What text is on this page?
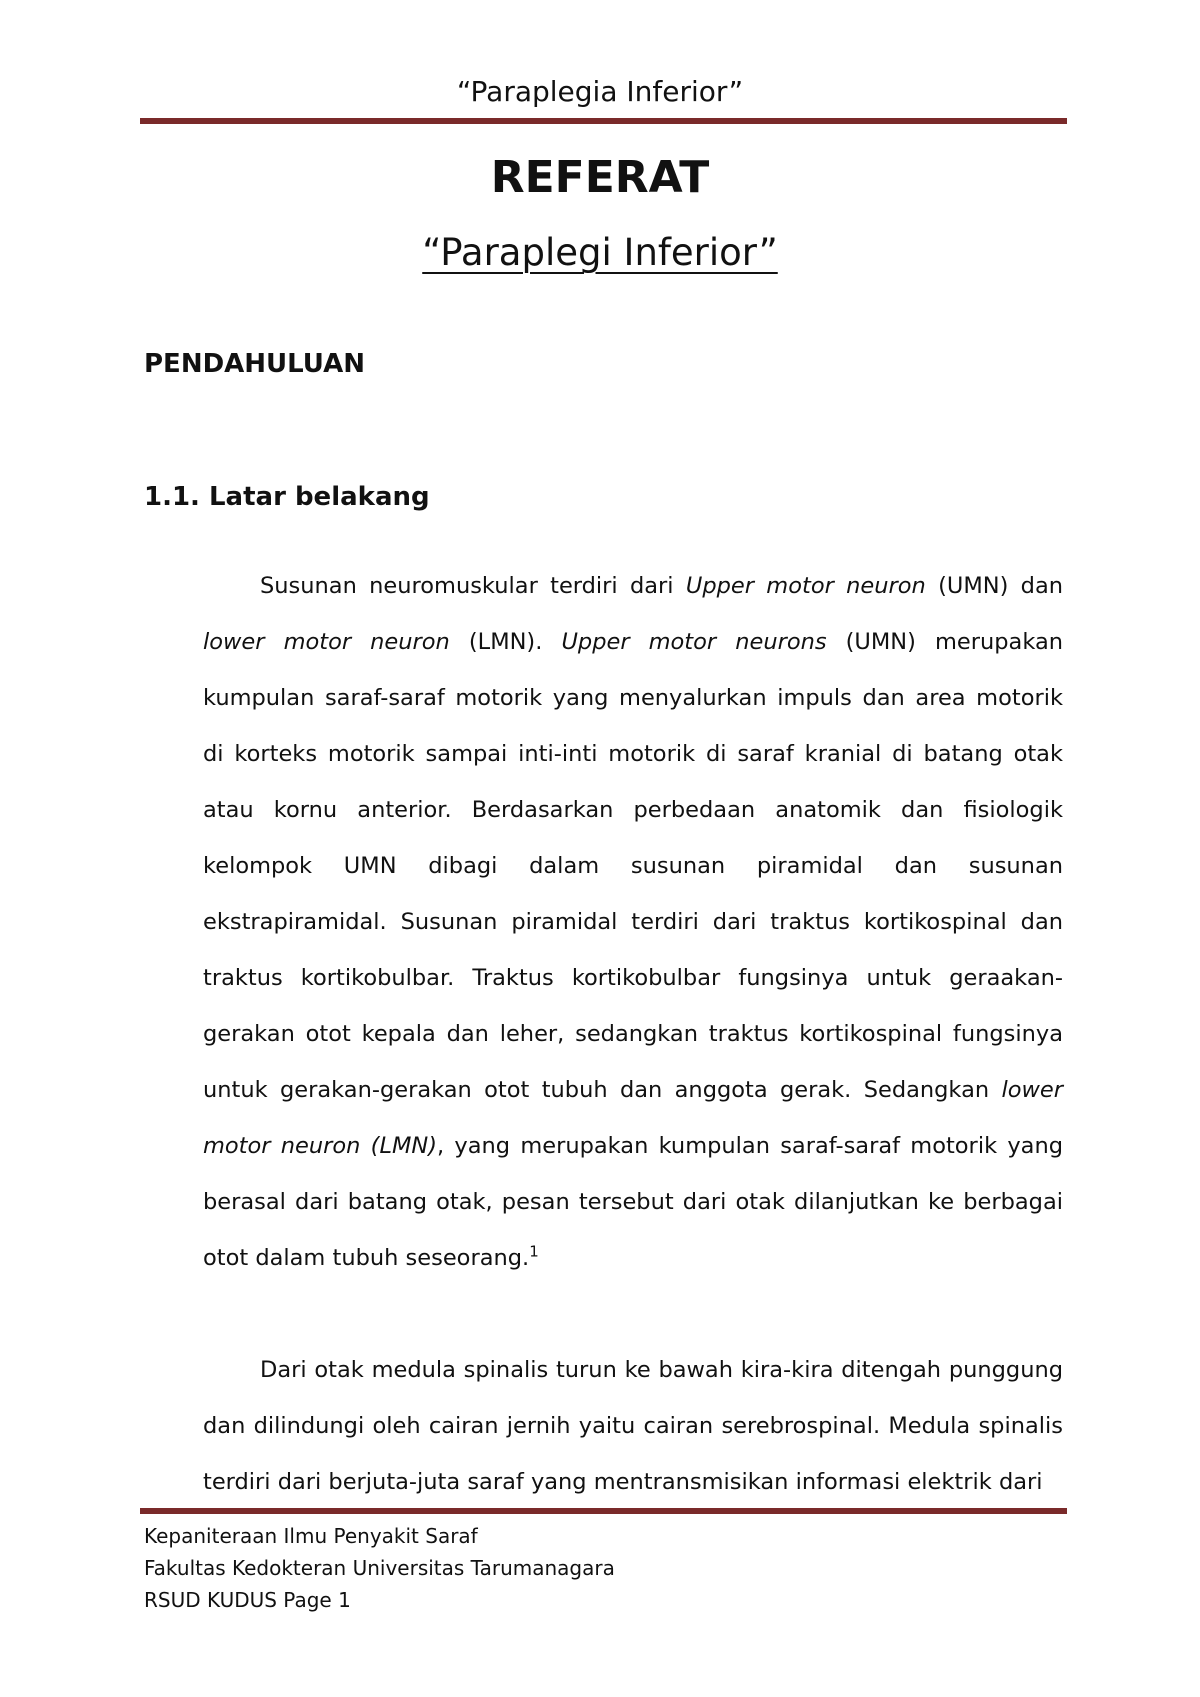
“Paraplegia Inferior”
REFERAT
“Paraplegi Inferior”
PENDAHULUAN
1.1. Latar belakang

Susunan neuromuskular terdiri dari Upper motor neuron (UMN) dan lower motor neuron (LMN). Upper motor neurons (UMN) merupakan kumpulan saraf-saraf motorik yang menyalurkan impuls dan area motorik di korteks motorik sampai inti-inti motorik di saraf kranial di batang otak atau kornu anterior. Berdasarkan perbedaan anatomik dan fisiologik kelompok UMN dibagi dalam susunan piramidal dan susunan ekstrapiramidal. Susunan piramidal terdiri dari traktus kortikospinal dan traktus kortikobulbar. Traktus kortikobulbar fungsinya untuk geraakan-gerakan otot kepala dan leher, sedangkan traktus kortikospinal fungsinya untuk gerakan-gerakan otot tubuh dan anggota gerak. Sedangkan lower motor neuron (LMN), yang merupakan kumpulan saraf-saraf motorik yang berasal dari batang otak, pesan tersebut dari otak dilanjutkan ke berbagai otot dalam tubuh seseorang.$^1$

Dari otak medula spinalis turun ke bawah kira-kira ditengah punggung dan dilindungi oleh cairan jernih yaitu cairan serebrospinal. Medula spinalis terdiri dari berjuta-juta saraf yang mentransmisikan informasi elektrik dari

Kepaniteraan Ilmu Penyakit Saraf
Fakultas Kedokteran Universitas Tarumanagara
RSUD KUDUS Page 1
